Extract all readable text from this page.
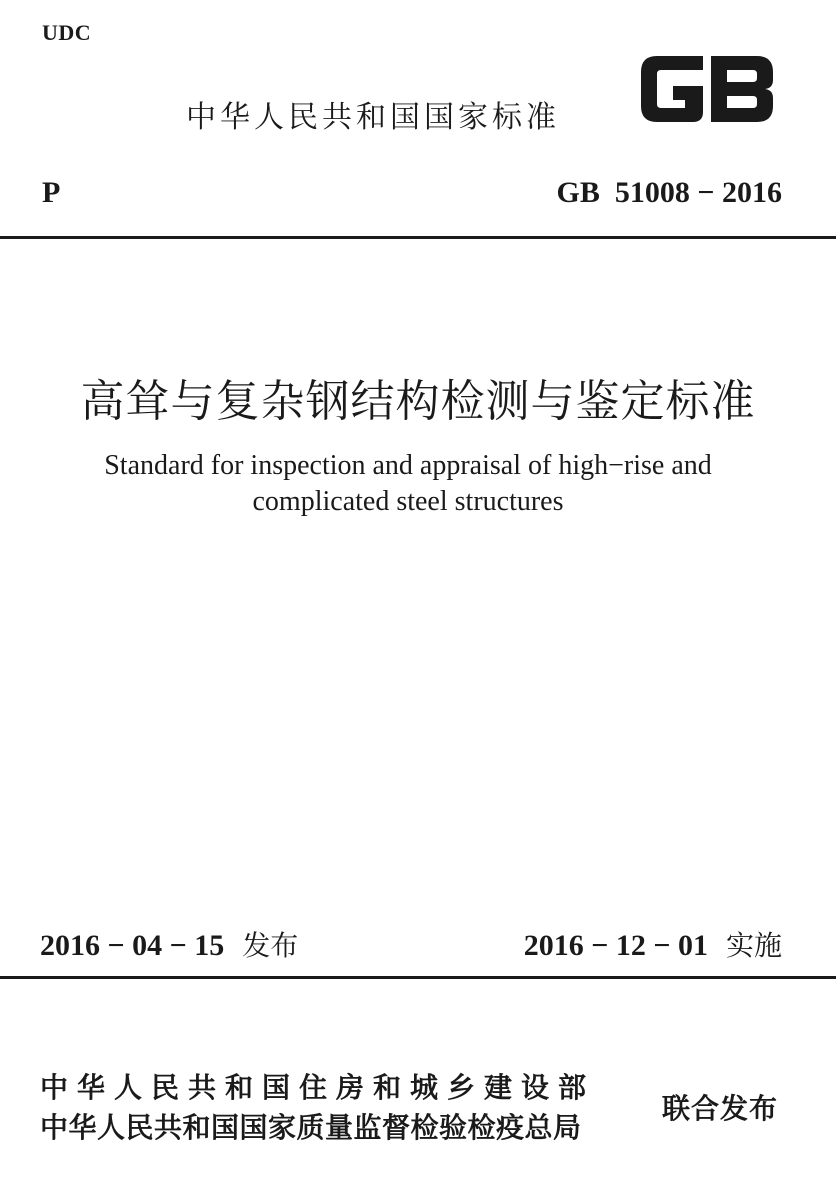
UDC
中华人民共和国国家标准
P	GB  51008 − 2016
高耸与复杂钢结构检测与鉴定标准
Standard for inspection and appraisal of high−rise and
complicated steel structures
2016 − 04 − 15 发布	2016 − 12 − 01 实施
中华人民共和国住房和城乡建设部
中华人民共和国国家质量监督检验检疫总局
联合发布
